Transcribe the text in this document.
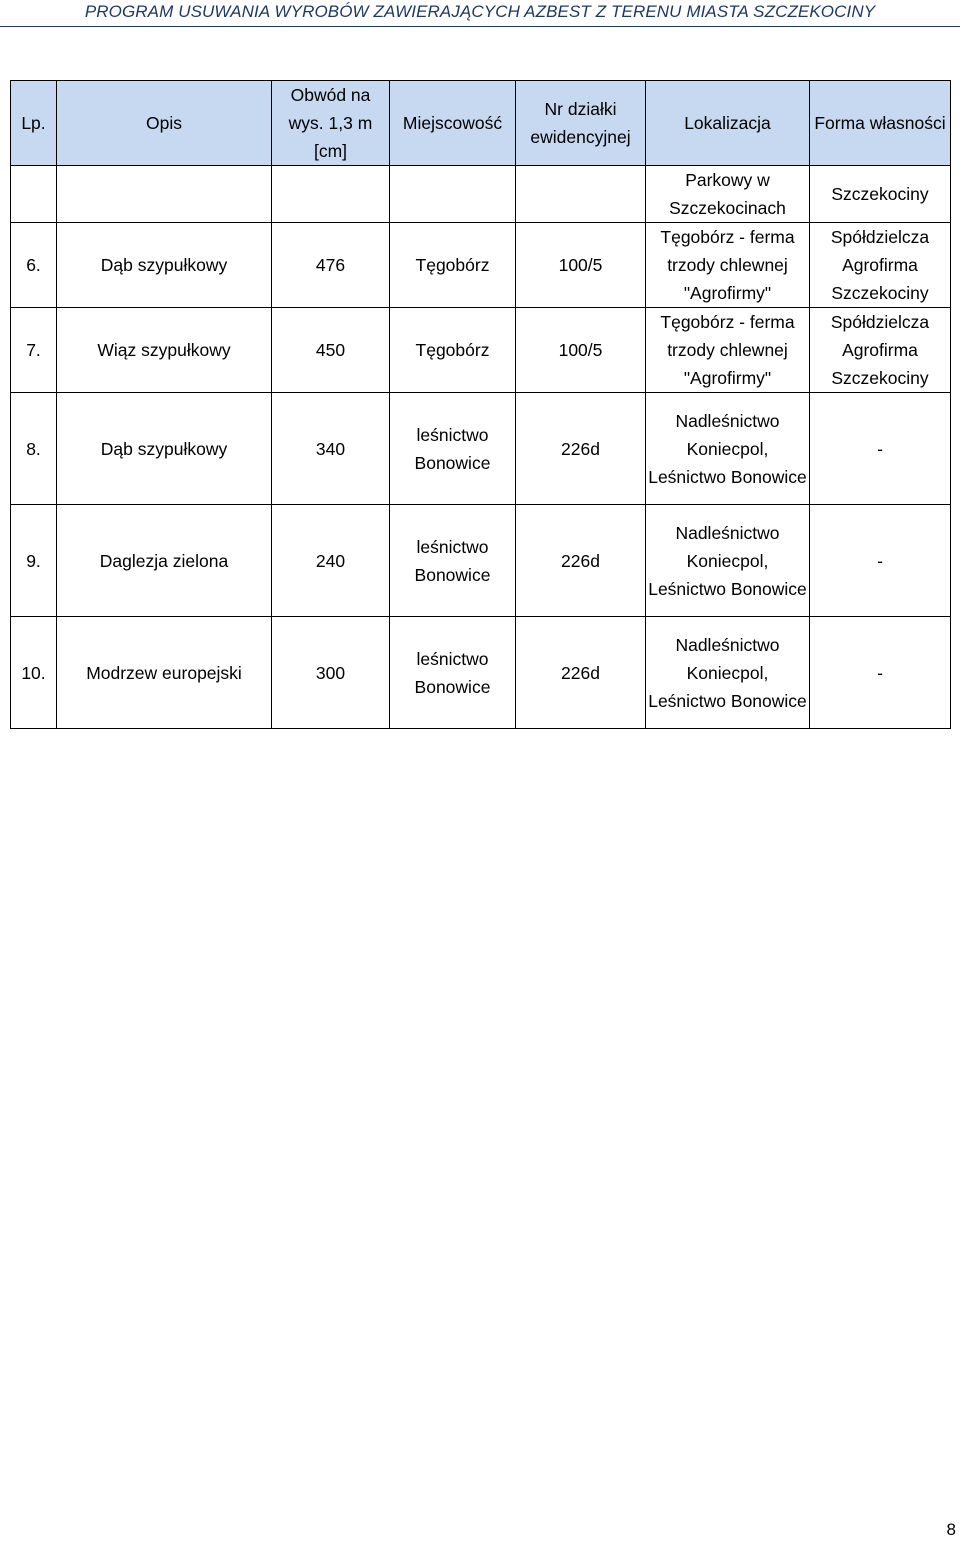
PROGRAM USUWANIA WYROBÓW ZAWIERAJĄCYCH AZBEST Z TERENU MIASTA SZCZEKOCINY
Lp.	Opis	Obwód na wys. 1,3 m [cm]	Miejscowość	Nr działki ewidencyjnej	Lokalizacja	Forma własności
					Parkowy w Szczekocinach	Szczekociny
6.	Dąb szypułkowy	476	Tęgobórz	100/5	Tęgobórz - ferma trzody chlewnej "Agrofirmy"	Spółdzielcza Agrofirma Szczekociny
7.	Wiąz szypułkowy	450	Tęgobórz	100/5	Tęgobórz - ferma trzody chlewnej "Agrofirmy"	Spółdzielcza Agrofirma Szczekociny
8.	Dąb szypułkowy	340	leśnictwo Bonowice	226d	Nadleśnictwo Koniecpol, Leśnictwo Bonowice	-
9.	Daglezja zielona	240	leśnictwo Bonowice	226d	Nadleśnictwo Koniecpol, Leśnictwo Bonowice	-
10.	Modrzew europejski	300	leśnictwo Bonowice	226d	Nadleśnictwo Koniecpol, Leśnictwo Bonowice	-
8
